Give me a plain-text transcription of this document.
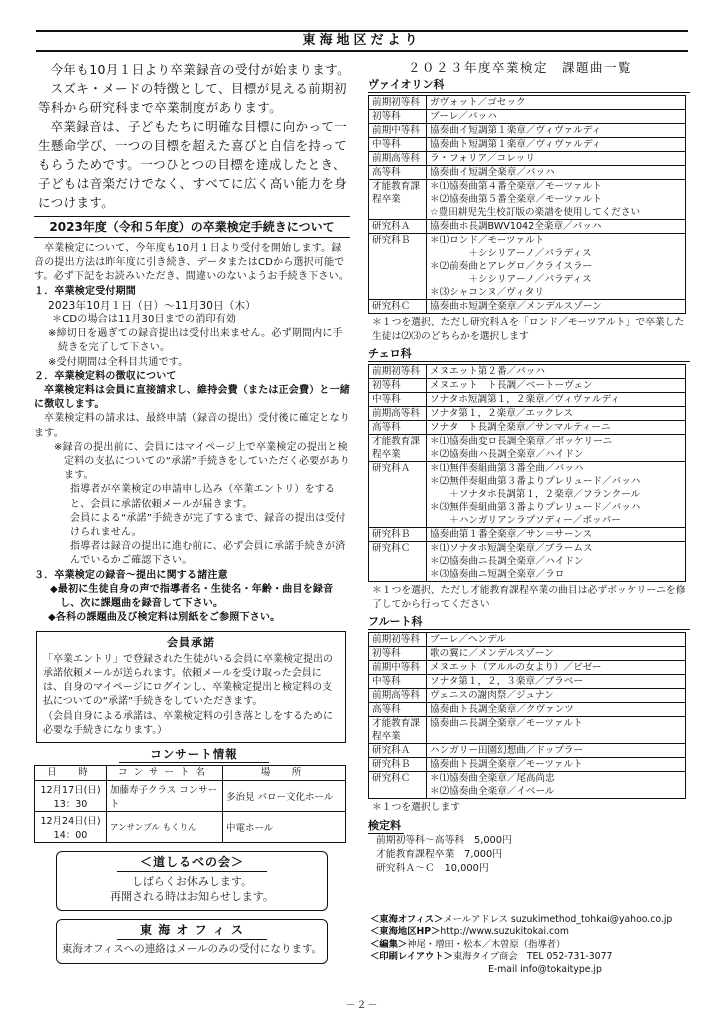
東海地区だより

今年も10月１日より卒業録音の受付が始まります。

スズキ・メードの特徴として、目標が見える前期初等科から研究科まで卒業制度があります。

卒業録音は、子どもたちに明確な目標に向かって一生懸命学び、一つの目標を超えた喜びと自信を持ってもらうためです。一つひとつの目標を達成したとき、子どもは音楽だけでなく、すべてに広く高い能力を身につけます。

2023年度（令和５年度）の卒業検定手続きについて
卒業検定について、今年度も10月１日より受付を開始します。録音の提出方法は昨年度に引き続き、データまたはCDから選択可能です。必ず下記をお読みいただき、間違いのないようお手続き下さい。
１．卒業検定受付期間
2023年10月１日（日）～11月30日（木）
＊CDの場合は11月30日までの消印有効
※締切日を過ぎての録音提出は受付出来ません。必ず期間内に手続きを完了して下さい。
※受付期間は全科目共通です。
２．卒業検定料の徴収について
卒業検定料は会員に直接請求し、維持会費（または正会費）と一緒に徴収します。
卒業検定料の請求は、最終申請（録音の提出）受付後に確定となります。
※録音の提出前に、会員にはマイページ上で卒業検定の提出と検定料の支払についての“承諾”手続きをしていただく必要があります。
指導者が卒業検定の申請申し込み（卒業エントリ）をすると、会員に承諾依頼メールが届きます。
会員による“承諾”手続きが完了するまで、録音の提出は受付けられません。
指導者は録音の提出に進む前に、必ず会員に承諾手続きが済んでいるかご確認下さい。
３．卒業検定の録音～提出に関する諸注意
◆最初に生徒自身の声で指導者名・生徒名・年齢・曲目を録音し、次に課題曲を録音して下さい。
◆各科の課題曲及び検定料は別紙をご参照下さい。
会員承諾
「卒業エントリ」で登録された生徒がいる会員に卒業検定提出の承諾依頼メールが送られます。依頼メールを受け取った会員には、自身のマイページにログインし、卒業検定提出と検定料の支払についての“承諾”手続きをしていただきます。
（会員自身による承諾は、卒業検定料の引き落としをするために必要な手続きになります。）
コンサート情報
日　時	コンサート名	場　所

12月17日(日)
13：30	加藤寿子クラス コンサート	多治見 バロー文化ホール

12月24日(日)
14：00	アンサンブル もくりん	中電ホール
＜道しるべの会＞
しばらくお休みします。
再開される時はお知らせします。
東 海 オ フ ィ ス
東海オフィスへの連絡はメールのみの受付になります。
２０２３年度卒業検定　課題曲一覧
ヴァイオリン科
前期初等科	ガヴォット／ゴセック
初等科	ブーレ／バッハ
前期中等科	協奏曲イ短調第１楽章／ヴィヴァルディ
中等科	協奏曲ト短調第１楽章／ヴィヴァルディ
前期高等科	ラ・フォリア／コレッリ
高等科	協奏曲イ短調全楽章／バッハ
才能教育課程卒業	＊⑴協奏曲第４番全楽章／モーツァルト
＊⑵協奏曲第５番全楽章／モーツァルト
☆豊田耕児先生校訂版の楽譜を使用してください
研究科Ａ	協奏曲ホ長調BWV1042全楽章／バッハ
研究科Ｂ	＊⑴ロンド／モーツァルト
　　　　＋シシリアーノ／パラディス
＊⑵前奏曲とアレグロ／クライスラー
　　　　＋シシリアーノ／パラディス
＊⑶シャコンヌ／ヴィタリ
研究科Ｃ	協奏曲ホ短調全楽章／メンデルスゾーン
＊１つを選択、ただし研究科Ａを「ロンド／モーツアルト」で卒業した生徒は⑵⑶のどちらかを選択します
チェロ科
前期初等科	メヌエット第２番／バッハ
初等科	メヌエット　ト長調／ベートーヴェン
中等科	ソナタホ短調第１，２楽章／ヴィヴァルディ
前期高等科	ソナタ第１，２楽章／エックレス
高等科	ソナタ　ト長調全楽章／サンマルティーニ
才能教育課程卒業	＊⑴協奏曲変ロ長調全楽章／ボッケリーニ
＊⑵協奏曲ハ長調全楽章／ハイドン
研究科Ａ	＊⑴無伴奏組曲第３番全曲／バッハ
＊⑵無伴奏組曲第３番よりプレリュード／バッハ
　　＋ソナタホ長調第１，２楽章／フランクール
＊⑶無伴奏組曲第３番よりプレリュード／バッハ
　　＋ハンガリアンラプソディー／ポッパー
研究科Ｂ	協奏曲第１番全楽章／サン＝サーンス
研究科Ｃ	＊⑴ソナタホ短調全楽章／ブラームス
＊⑵協奏曲ニ長調全楽章／ハイドン
＊⑶協奏曲ニ短調全楽章／ラロ
＊１つを選択、ただし才能教育課程卒業の曲目は必ずボッケリーニを修了してから行ってください
フルート科
前期初等科	ブーレ／ヘンデル
初等科	歌の翼に／メンデルスゾーン
前期中等科	メヌエット（アルルの女より）／ビゼー
中等科	ソナタ第１，２，３楽章／ブラベー
前期高等科	ヴェニスの謝肉祭／ジュナン
高等科	協奏曲ト長調全楽章／クヴァンツ
才能教育課程卒業	協奏曲ニ長調全楽章／モーツァルト
研究科Ａ	ハンガリー田園幻想曲／ドップラー
研究科Ｂ	協奏曲ト長調全楽章／モーツァルト
研究科Ｃ	＊⑴協奏曲全楽章／尾高尚忠
＊⑵協奏曲全楽章／イベール
＊１つを選択します
検定料
前期初等科～高等科　5,000円
才能教育課程卒業　7,000円
研究科Ａ～Ｃ　10,000円
＜東海オフィス＞メールアドレス suzukimethod_tohkai@yahoo.co.jp
＜東海地区HP＞http://www.suzukitokai.com
＜編集＞神尾・増田・松本／木曽原（指導者）
＜印刷レイアウト＞東海タイプ商会　TEL 052-731-3077
E-mail info@tokaitype.jp
－２－
